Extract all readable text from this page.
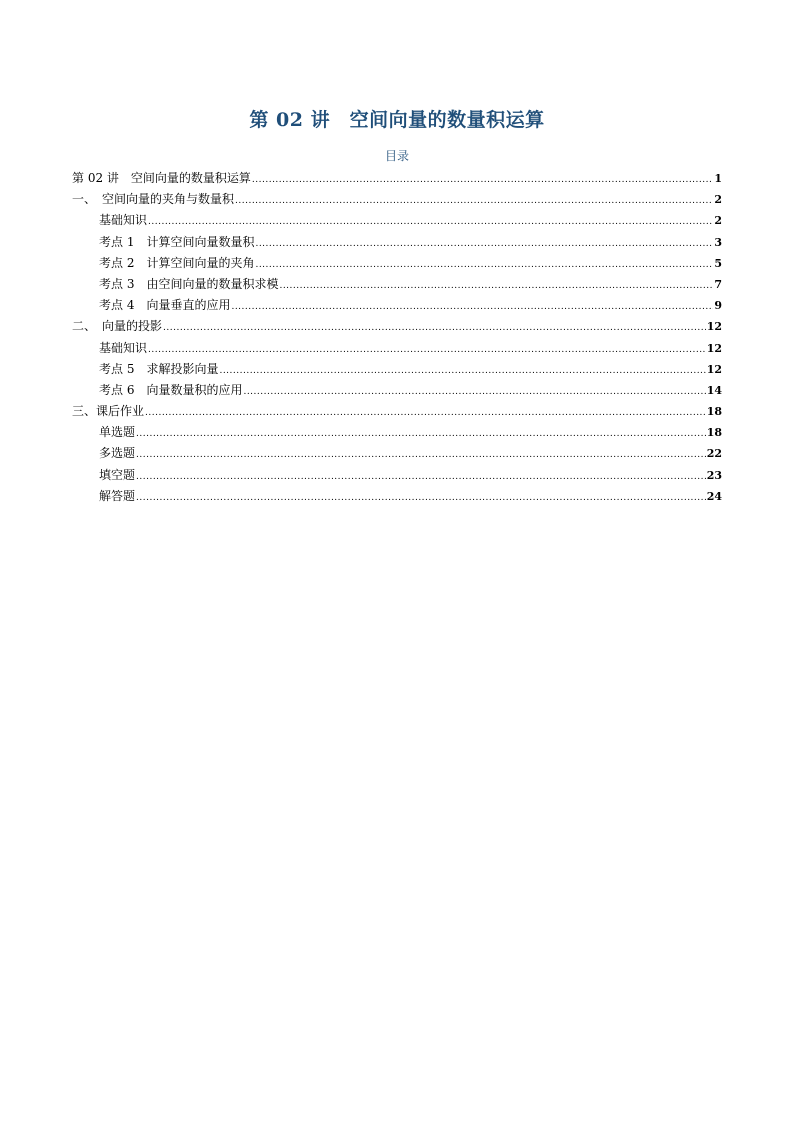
第 02 讲　空间向量的数量积运算
目录
第 02 讲　空间向量的数量积运算 .....	1
一、　空间向量的夹角与数量积 .....	2
基础知识 .....	2
考点 1　计算空间向量数量积 .....	3
考点 2　计算空间向量的夹角 .....	5
考点 3　由空间向量的数量积求模 .....	7
考点 4　向量垂直的应用 .....	9
二、　向量的投影 .....	12
基础知识 .....	12
考点 5　求解投影向量 .....	12
考点 6　向量数量积的应用 .....	14
三、课后作业 .....	18
单选题 .....	18
多选题 .....	22
填空题 .....	23
解答题 .....	24
